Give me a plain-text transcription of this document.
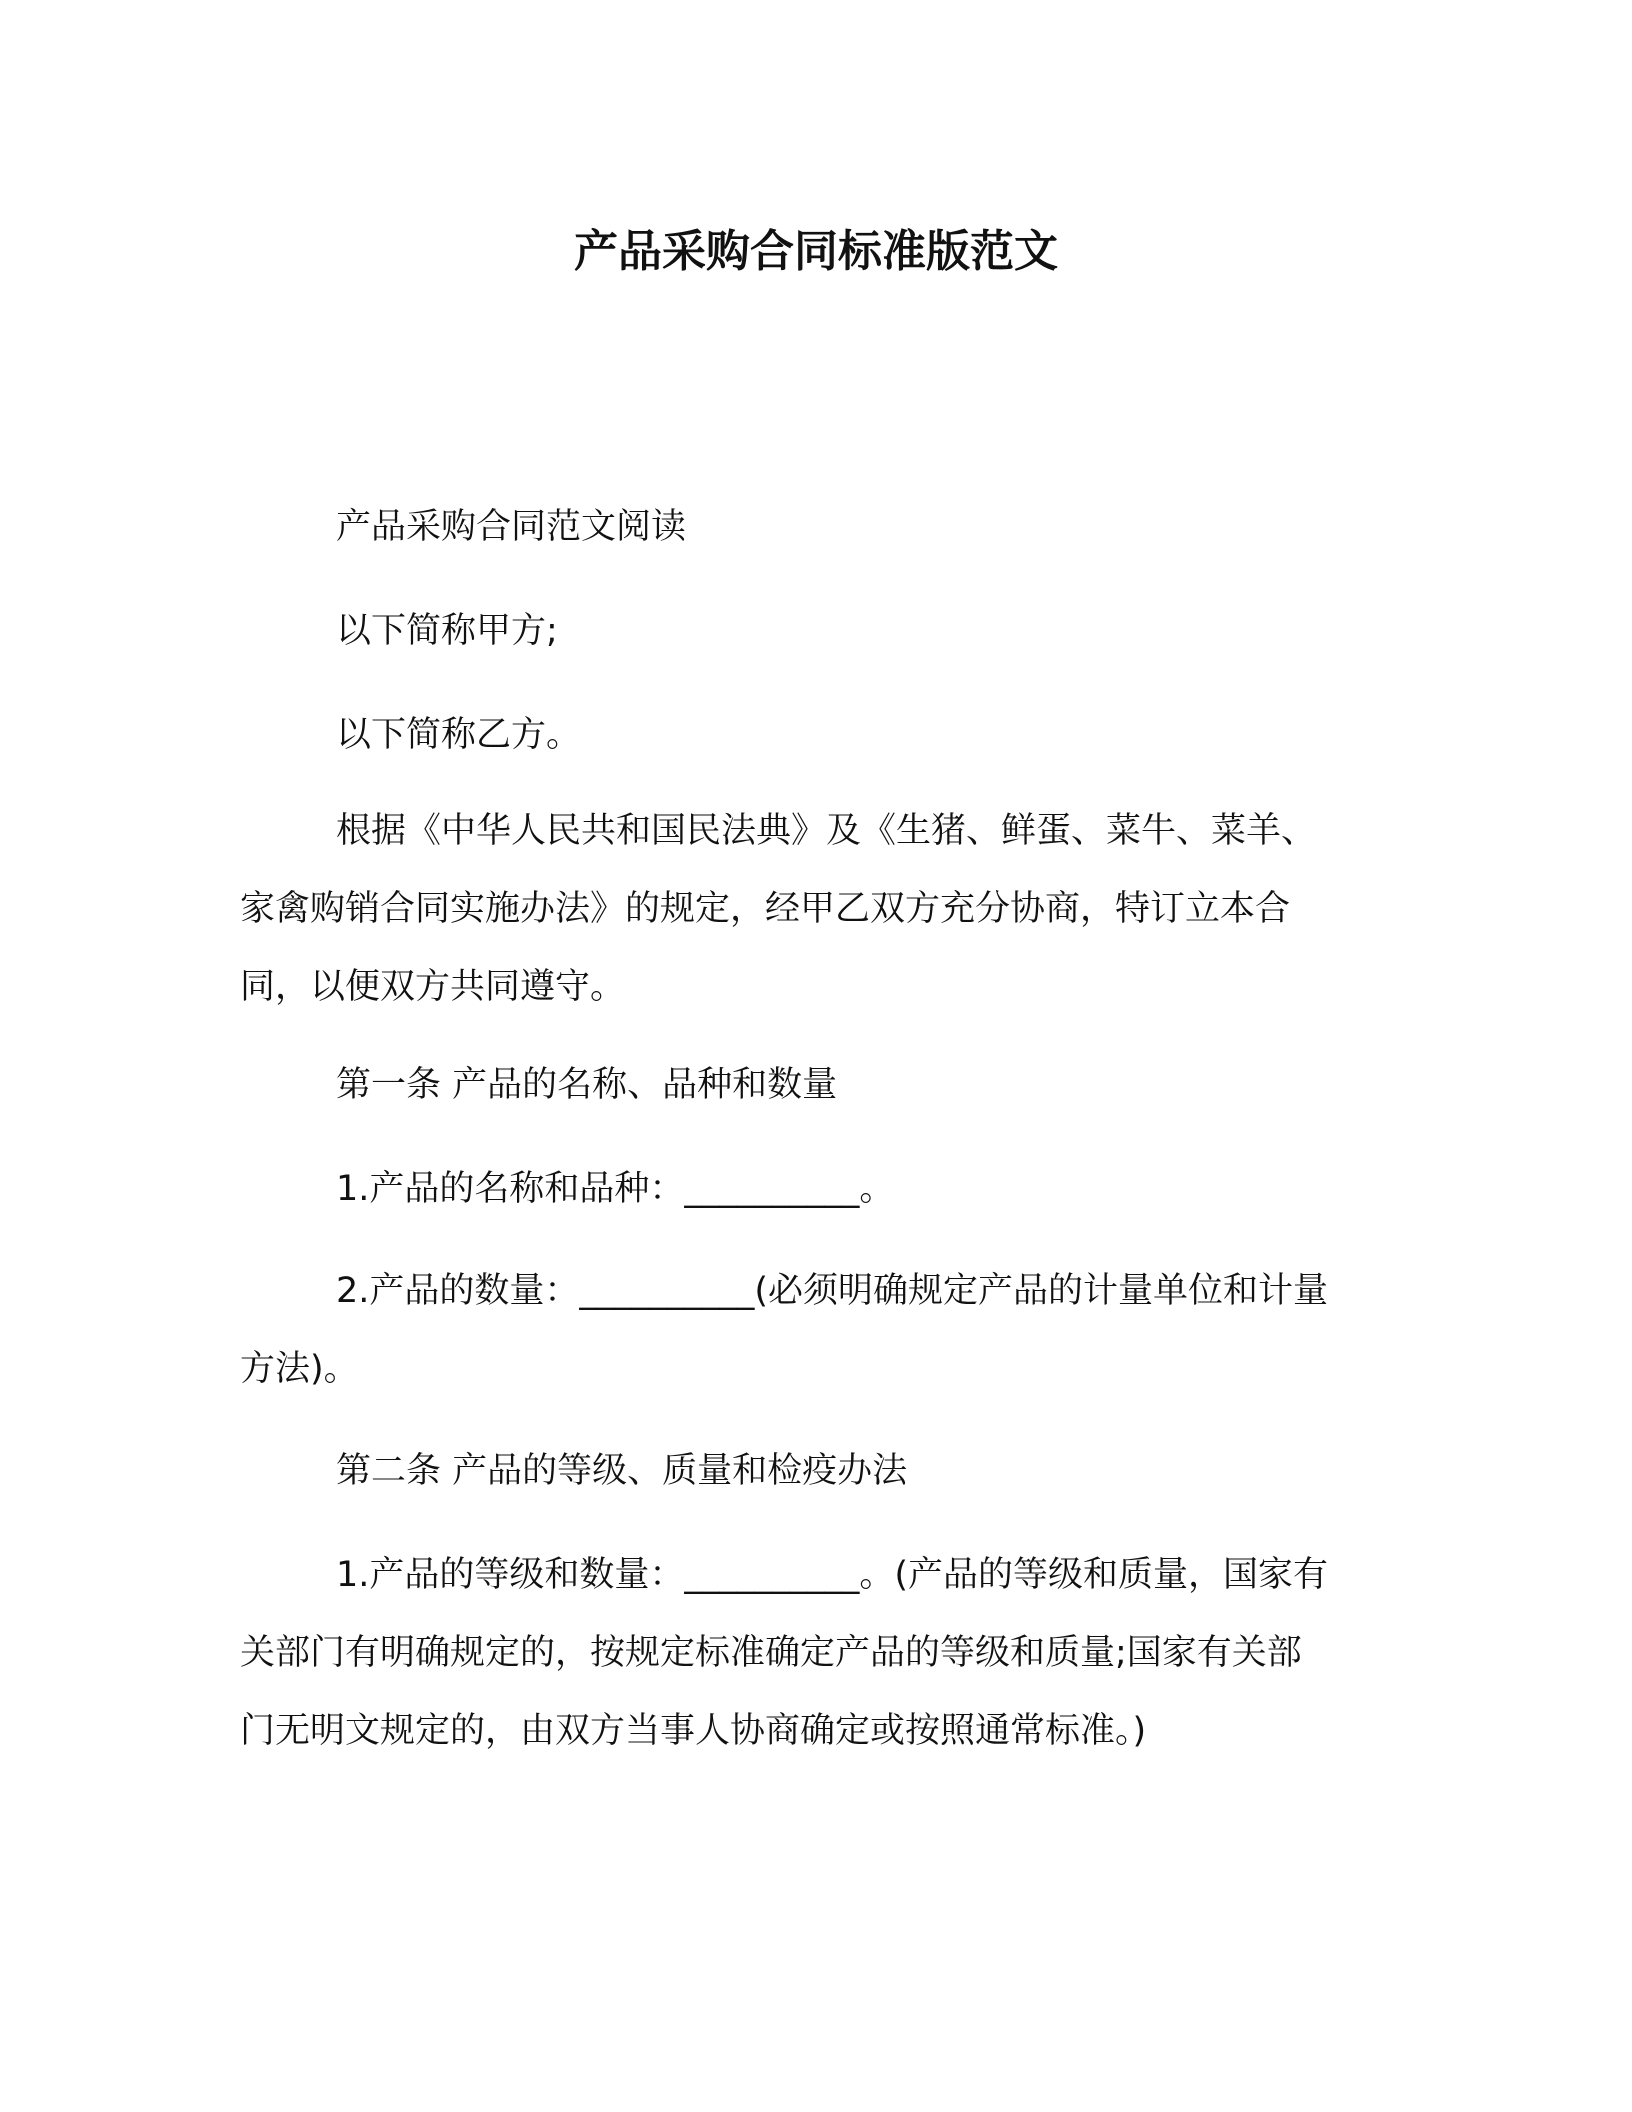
产品采购合同标准版范文
产品采购合同范文阅读
以下简称甲方;
以下简称乙方。
根据《中华人民共和国民法典》及《生猪、鲜蛋、菜牛、菜羊、
家禽购销合同实施办法》的规定，经甲乙双方充分协商，特订立本合
同，以便双方共同遵守。
第一条 产品的名称、品种和数量
1.产品的名称和品种：__________。
2.产品的数量：__________(必须明确规定产品的计量单位和计量
方法)。
第二条 产品的等级、质量和检疫办法
1.产品的等级和数量：__________。(产品的等级和质量，国家有
关部门有明确规定的，按规定标准确定产品的等级和质量;国家有关部
门无明文规定的，由双方当事人协商确定或按照通常标准。)
